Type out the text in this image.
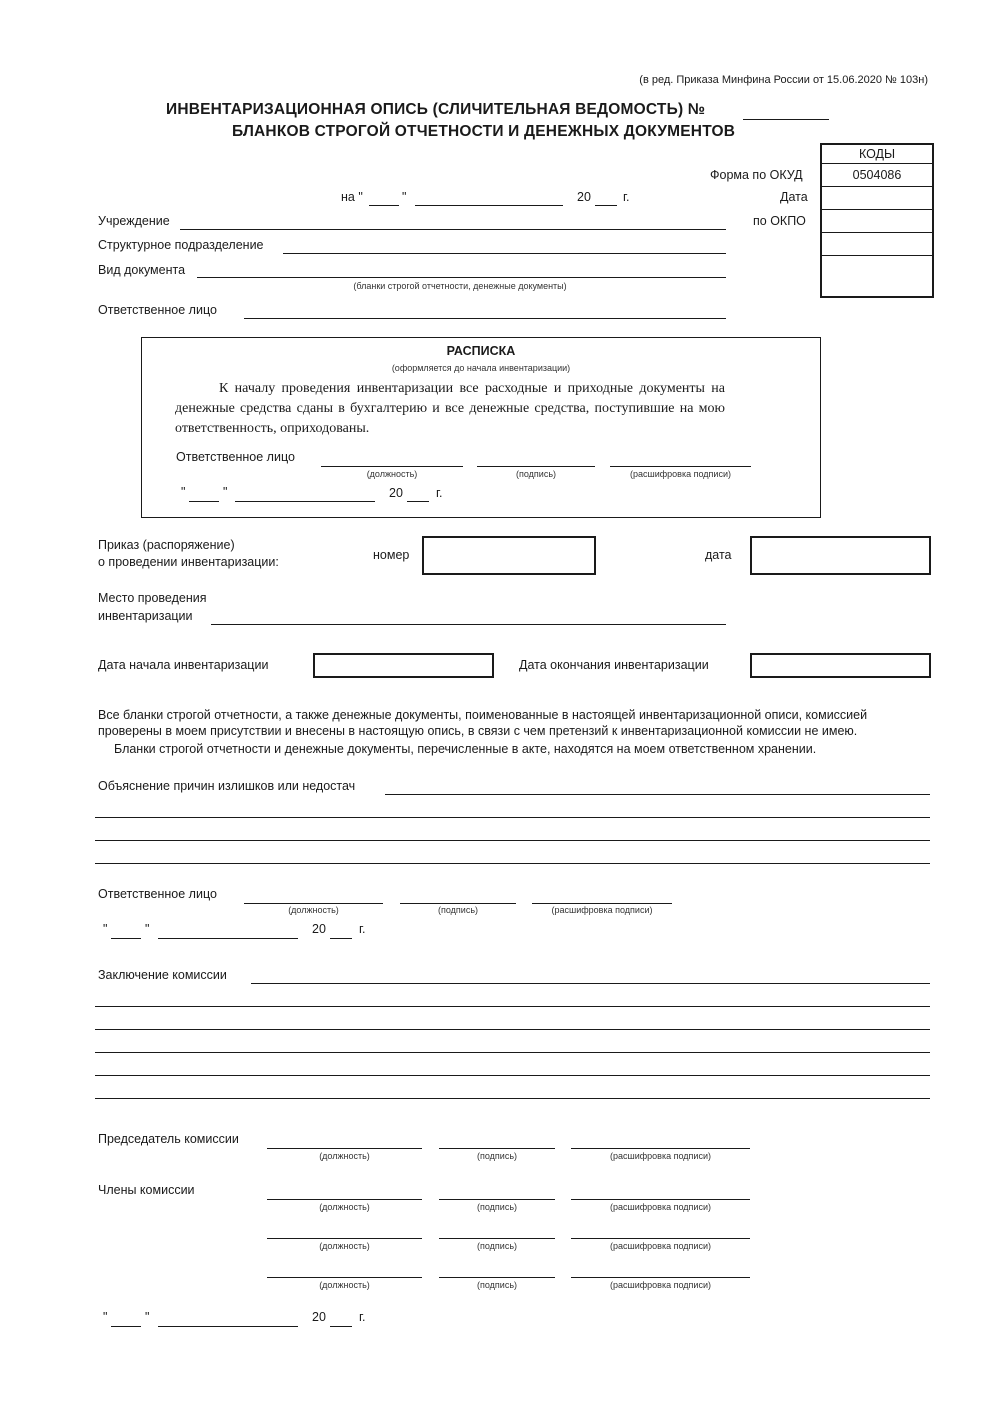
(в ред. Приказа Минфина России от 15.06.2020 № 103н)
ИНВЕНТАРИЗАЦИОННАЯ ОПИСЬ (СЛИЧИТЕЛЬНАЯ ВЕДОМОСТЬ) №
БЛАНКОВ СТРОГОЙ ОТЧЕТНОСТИ И ДЕНЕЖНЫХ ДОКУМЕНТОВ
КОДЫ
0504086
Форма по ОКУД
Дата
по ОКПО
на "	"	20	г.
Учреждение
Структурное подразделение
Вид документа
(бланки строгой отчетности, денежные документы)
Ответственное лицо
РАСПИСКА
(оформляется до начала инвентаризации)
К началу проведения инвентаризации все расходные и приходные документы на денежные средства сданы в бухгалтерию и все денежные средства, поступившие на мою ответственность, оприходованы.
Ответственное лицо
(должность)	(подпись)	(расшифровка подписи)
"	"	20	г.
Приказ (распоряжение)
о проведении инвентаризации:	номер	дата
Место проведения
инвентаризации
Дата начала инвентаризации	Дата окончания инвентаризации
Все бланки строгой отчетности, а также денежные документы, поименованные в настоящей инвентаризационной описи, комиссией проверены в моем присутствии и внесены в настоящую опись, в связи с чем претензий к инвентаризационной комиссии не имею.
Бланки строгой отчетности и денежные документы, перечисленные в акте, находятся на моем ответственном хранении.
Объяснение причин излишков или недостач
Ответственное лицо
(должность)	(подпись)	(расшифровка подписи)
"	"	20	г.
Заключение комиссии
Председатель комиссии
(должность)	(подпись)	(расшифровка подписи)
Члены комиссии
(должность)	(подпись)	(расшифровка подписи)
(должность)	(подпись)	(расшифровка подписи)
(должность)	(подпись)	(расшифровка подписи)
"	"	20	г.
